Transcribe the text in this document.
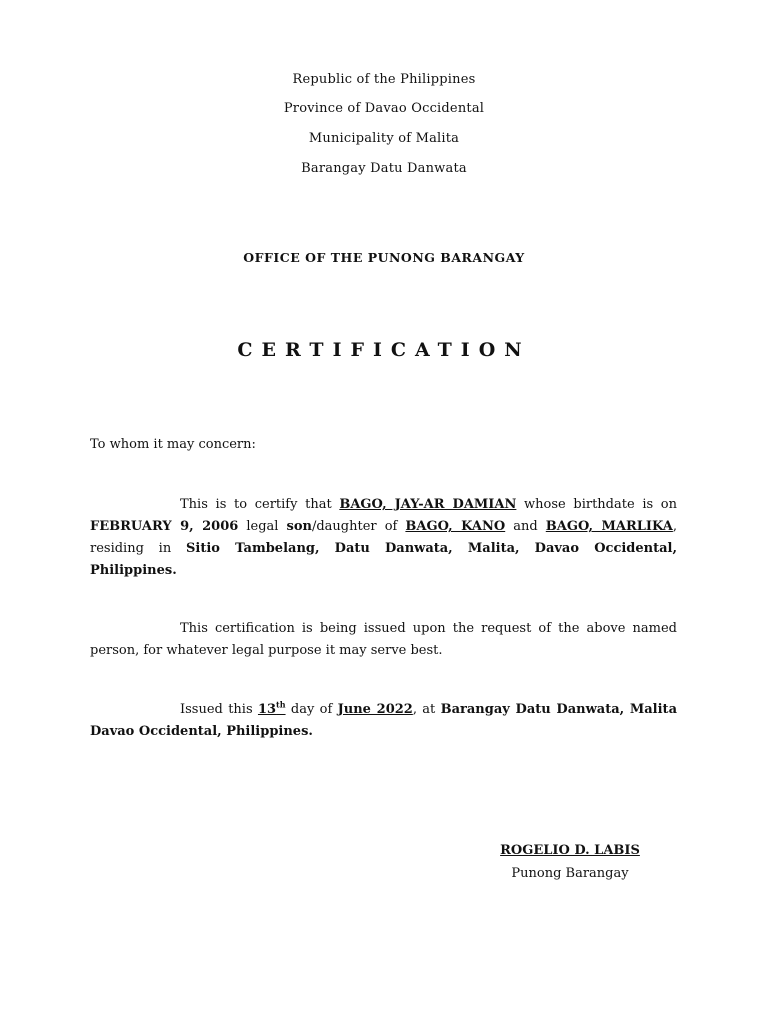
Republic of the Philippines
Province of Davao Occidental
Municipality of Malita
Barangay Datu Danwata
OFFICE OF THE PUNONG BARANGAY
CERTIFICATION
To whom it may concern:
This is to certify that BAGO, JAY-AR DAMIAN whose birthdate is on FEBRUARY 9, 2006 legal son/daughter of BAGO, KANO and BAGO, MARLIKA, residing in Sitio Tambelang, Datu Danwata, Malita, Davao Occidental, Philippines.
This certification is being issued upon the request of the above named person, for whatever legal purpose it may serve best.
Issued this 13th day of June 2022, at Barangay Datu Danwata, Malita Davao Occidental, Philippines.
ROGELIO D. LABIS
Punong Barangay
